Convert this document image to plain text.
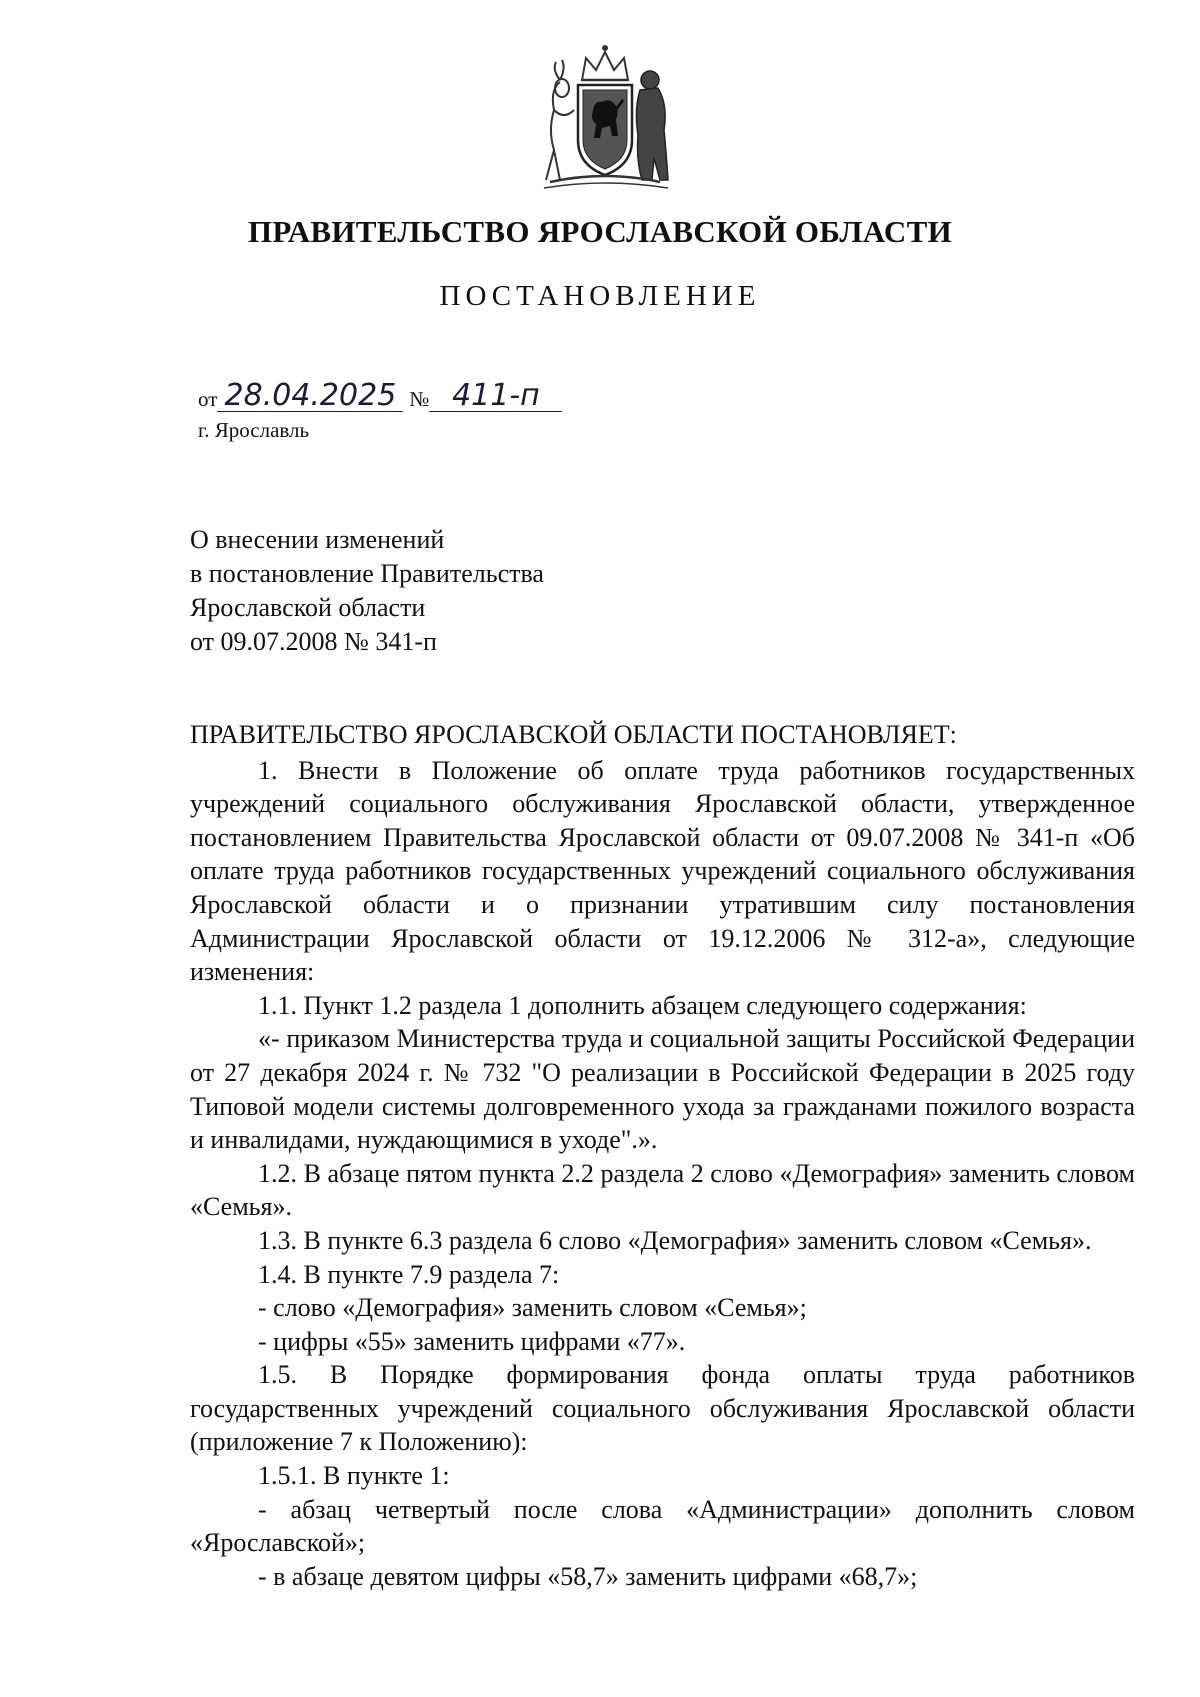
ПРАВИТЕЛЬСТВО ЯРОСЛАВСКОЙ ОБЛАСТИ
ПОСТАНОВЛЕНИЕ
от 28.04.2025 № 411-п
г. Ярославль
О внесении изменений
в постановление Правительства
Ярославской области
от 09.07.2008 № 341-п

ПРАВИТЕЛЬСТВО ЯРОСЛАВСКОЙ ОБЛАСТИ ПОСТАНОВЛЯЕТ:

1. Внести в Положение об оплате труда работников государственных учреждений социального обслуживания Ярославской области, утвержденное постановлением Правительства Ярославской области от 09.07.2008 № 341-п «Об оплате труда работников государственных учреждений социального обслуживания Ярославской области и о признании утратившим силу постановления Администрации Ярославской области от 19.12.2006 № 312-а», следующие изменения:

1.1. Пункт 1.2 раздела 1 дополнить абзацем следующего содержания:

«- приказом Министерства труда и социальной защиты Российской Федерации от 27 декабря 2024 г. № 732 "О реализации в Российской Федерации в 2025 году Типовой модели системы долговременного ухода за гражданами пожилого возраста и инвалидами, нуждающимися в уходе".».

1.2. В абзаце пятом пункта 2.2 раздела 2 слово «Демография» заменить словом «Семья».

1.3. В пункте 6.3 раздела 6 слово «Демография» заменить словом «Семья».

1.4. В пункте 7.9 раздела 7:

- слово «Демография» заменить словом «Семья»;

- цифры «55» заменить цифрами «77».

1.5. В Порядке формирования фонда оплаты труда работников государственных учреждений социального обслуживания Ярославской области (приложение 7 к Положению):

1.5.1. В пункте 1:

- абзац четвертый после слова «Администрации» дополнить словом «Ярославской»;

- в абзаце девятом цифры «58,7» заменить цифрами «68,7»;
